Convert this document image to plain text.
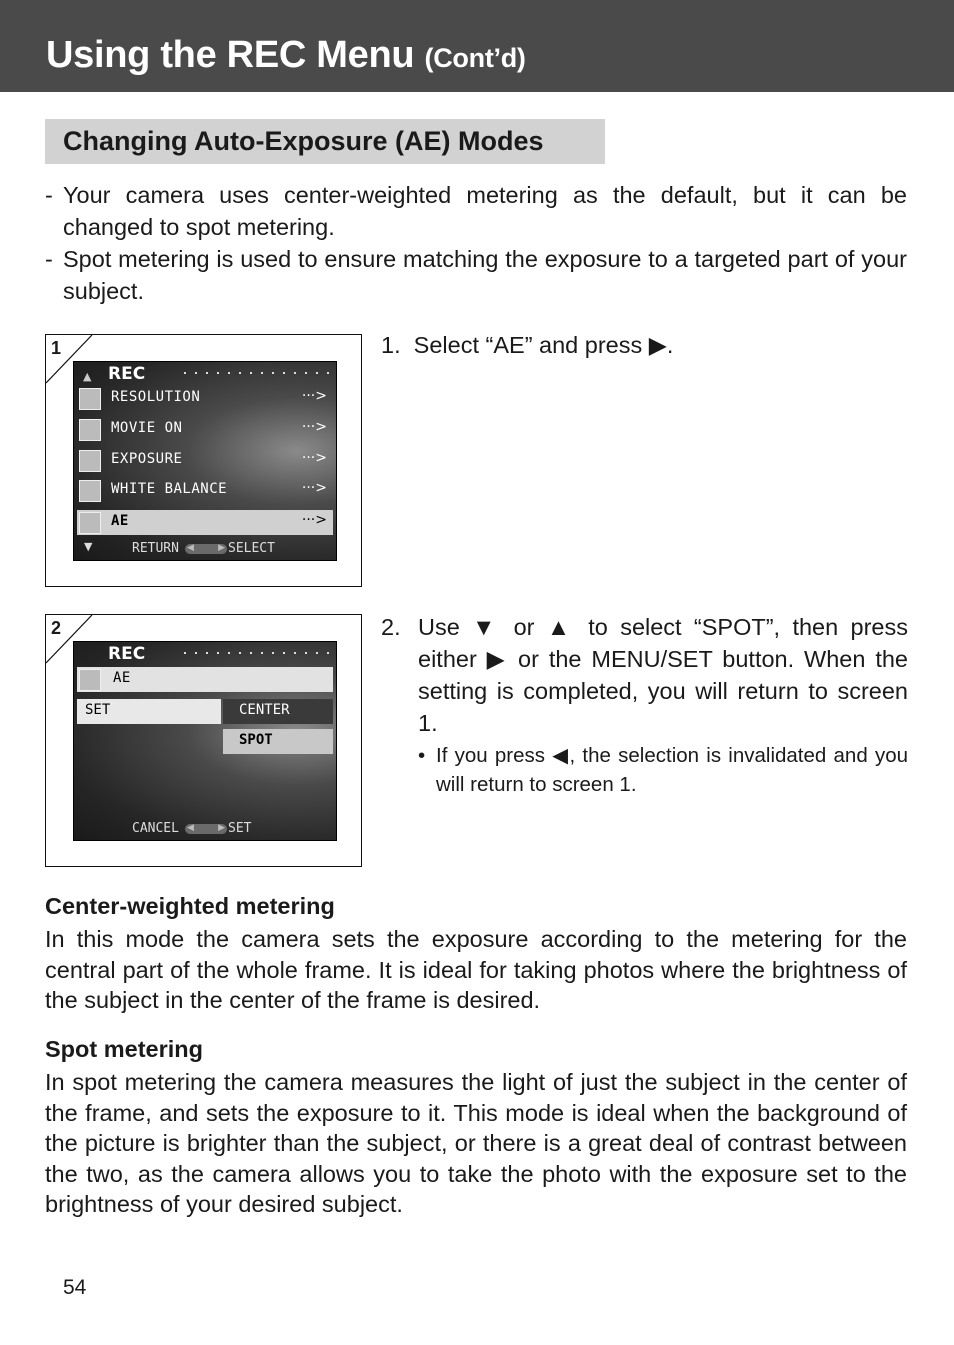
Using the REC Menu (Cont’d)
Changing Auto-Exposure (AE) Modes
- Your camera uses center-weighted metering as the default, but it can be changed to spot metering.
- Spot metering is used to ensure matching the exposure to a targeted part of your subject.
1
▲ REC
RESOLUTION	···>
MOVIE ON	···>
EXPOSURE	···>
WHITE BALANCE	···>
AE	···>
▼	RETURN ◀	▶ SELECT
1. Select “AE” and press ▶.
2
REC
AE
SET	CENTER
SPOT
CANCEL ◀	▶ SET
2. Use ▼ or ▲ to select “SPOT”, then press either ▶ or the MENU/SET button. When the setting is completed, you will return to screen 1.
• If you press ◀, the selection is invalidated and you will return to screen 1.
Center-weighted metering
In this mode the camera sets the exposure according to the metering for the central part of the whole frame. It is ideal for taking photos where the brightness of the subject in the center of the frame is desired.
Spot metering
In spot metering the camera measures the light of just the subject in the center of the frame, and sets the exposure to it. This mode is ideal when the background of the picture is brighter than the subject, or there is a great deal of contrast between the two, as the camera allows you to take the photo with the exposure set to the brightness of your desired subject.
54
